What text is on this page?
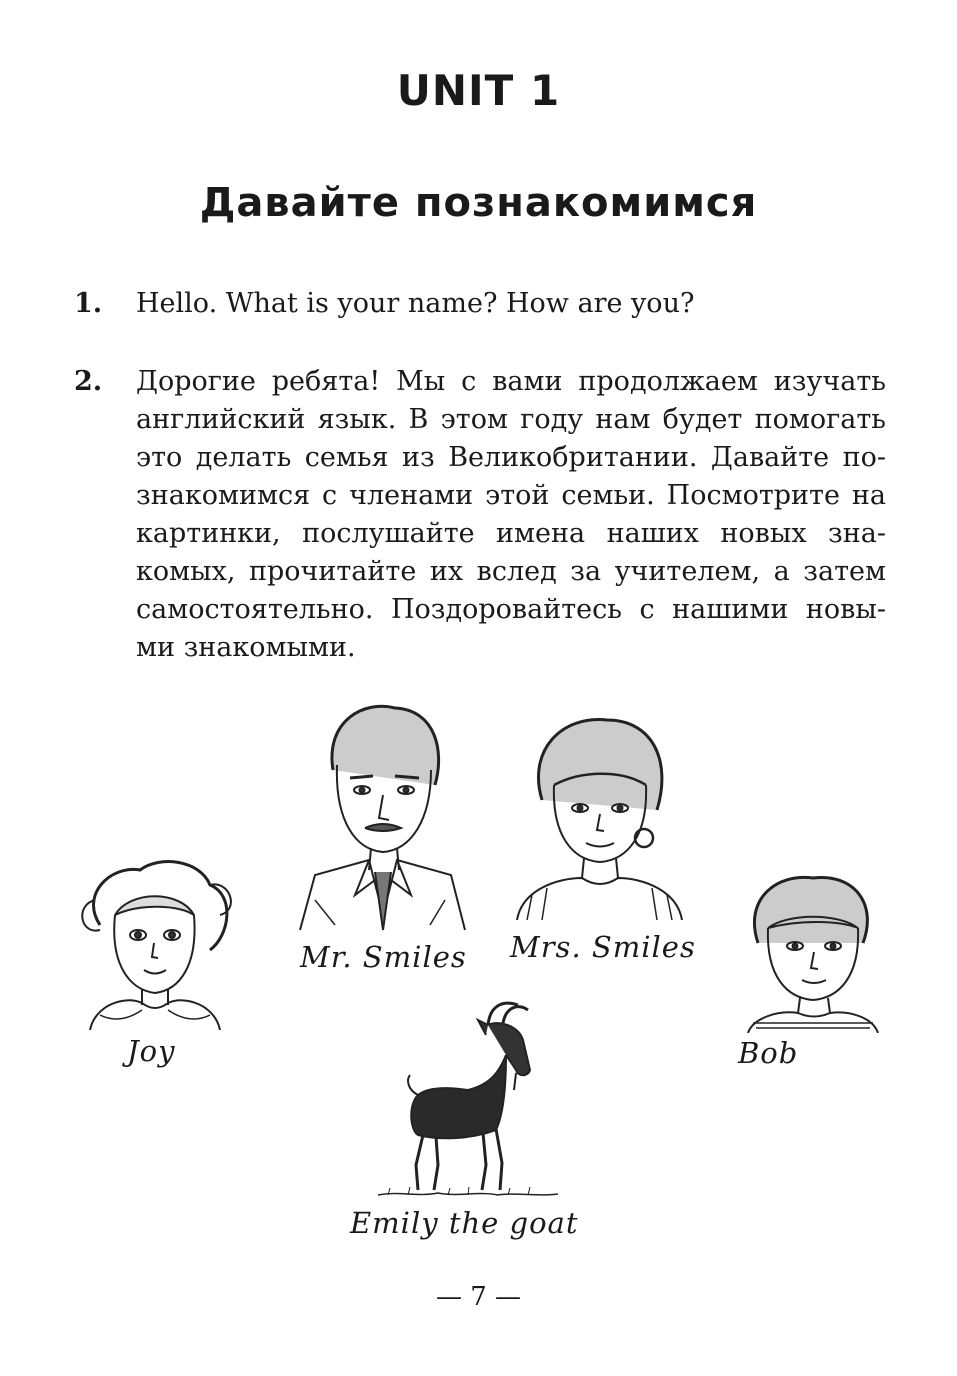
UNIT 1
Давайте познакомимся
1. Hello. What is your name? How are you?
2. Дорогие ребята! Мы с вами продолжаем изучать
английский язык. В этом году нам будет помогать
это делать семья из Великобритании. Давайте по-
знакомимся с членами этой семьи. Посмотрите на
картинки, послушайте имена наших новых зна-
комых, прочитайте их вслед за учителем, а затем
самостоятельно. Поздоровайтесь с нашими новы-
ми знакомыми.
Joy
Mr. Smiles Mrs. Smiles
Bob
Emily the goat
— 7 —
